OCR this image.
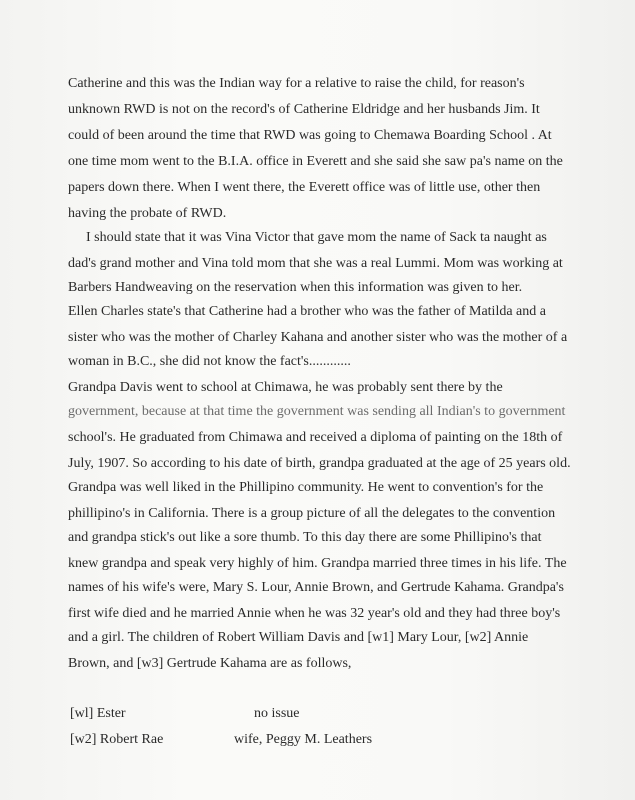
Catherine and this was the Indian way for a relative to raise the child, for reason's
unknown RWD is not on the record's of Catherine Eldridge and her husbands Jim. It
could of been around the time that RWD was going to Chemawa Boarding School . At
one time mom went to the B.I.A. office in Everett and she said she saw pa's name on the
papers down there. When I went there, the Everett office was of little use, other then
having the probate of RWD.
I should state that it was Vina Victor that gave mom the name of Sack ta naught as
dad's grand mother and Vina told mom that she was a real Lummi. Mom was working at
Barbers Handweaving on the reservation when this information was given to her.
Ellen Charles state's that Catherine had a brother who was the father of Matilda and a
sister who was the mother of Charley Kahana and another sister who was the mother of a
woman in B.C., she did not know the fact's............
Grandpa Davis went to school at Chimawa, he was probably sent there by the
government, because at that time the government was sending all Indian's to government
school's. He graduated from Chimawa and received a diploma of painting on the 18th of
July, 1907. So according to his date of birth, grandpa graduated at the age of 25 years old.
Grandpa was well liked in the Phillipino community. He went to convention's for the
phillipino's in California. There is a group picture of all the delegates to the convention
and grandpa stick's out like a sore thumb. To this day there are some Phillipino's that
knew grandpa and speak very highly of him. Grandpa married three times in his life. The
names of his wife's were, Mary S. Lour, Annie Brown, and Gertrude Kahama. Grandpa's
first wife died and he married Annie when he was 32 year's old and they had three boy's
and a girl. The children of Robert William Davis and [w1] Mary Lour, [w2] Annie
Brown, and [w3] Gertrude Kahama are as follows,
[wl] Ester	no issue
[w2] Robert Rae	wife, Peggy M. Leathers
